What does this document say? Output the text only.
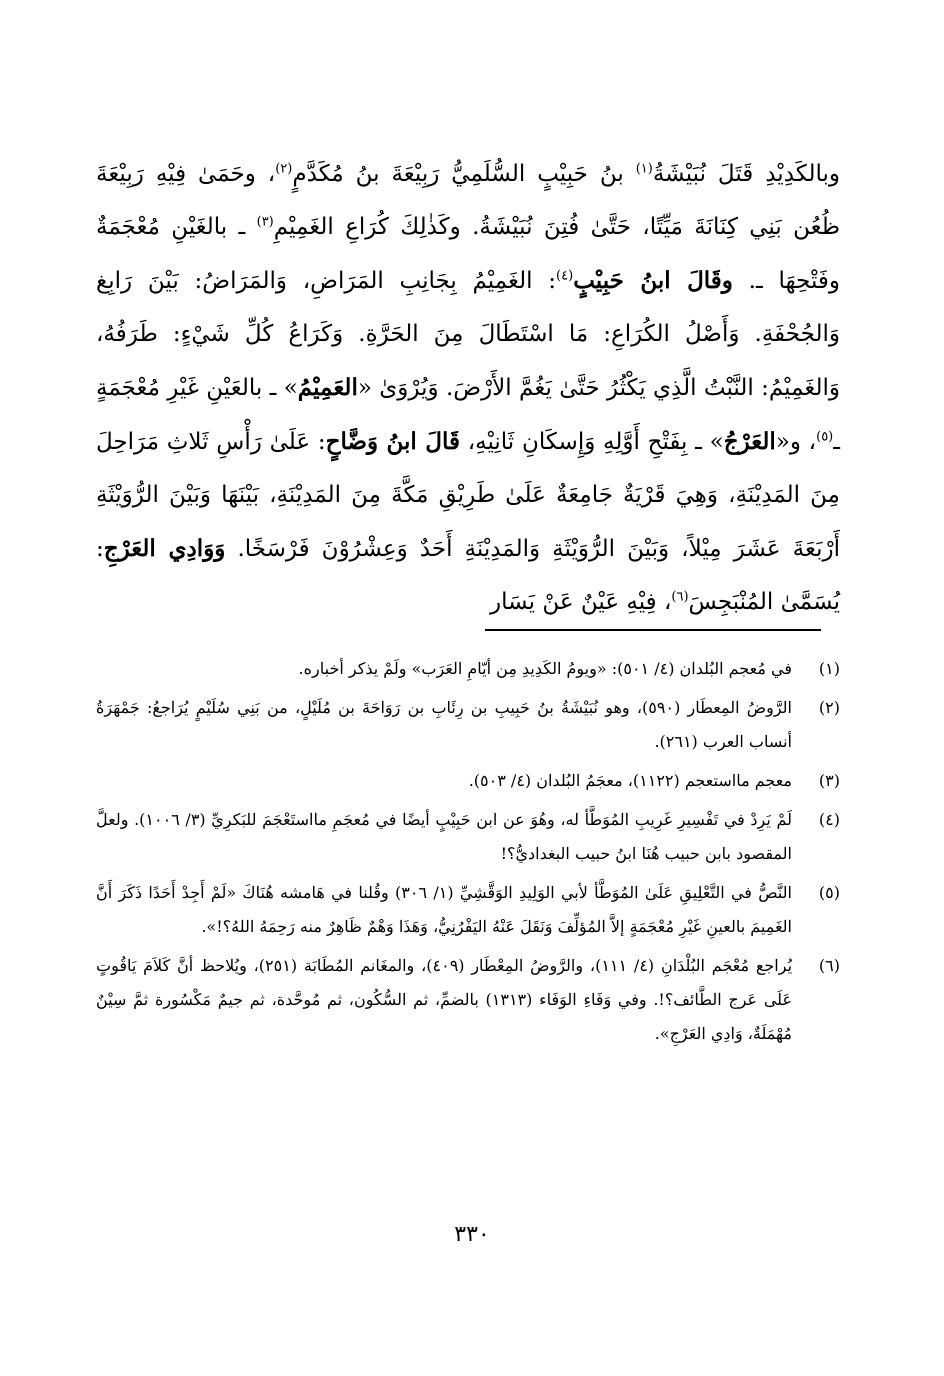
وبالكَدِيْدِ قَتَلَ نُبَيْشَةُ$^{(١)}$ بنُ حَبِيْبٍ السُّلَمِيُّ رَبِيْعَةَ بنُ مُكَدَّمٍ$^{(٢)}$، وحَمَىٰ فِيْهِ رَبِيْعَةَ ظُعُن بَنِي كِنَانَةَ مَيِّتًا، حَتَّىٰ فُتِنَ نُبَيْشَةُ. وكَذٰلِكَ كُرَاعِ الغَمِيْمِ$^{(٣)}$ ـ بالغَيْنِ مُعْجَمَةٌ وفَتْحِهَا ـ. وقَالَ ابنُ حَبِيْبٍ$^{(٤)}$: الغَمِيْمُ بِجَانِبِ المَرَاضِ، وَالمَرَاضُ: بَيْنَ رَابِغ وَالجُحْفَةِ. وَأَصْلُ الكُرَاعِ: مَا اسْتَطَالَ مِنَ الحَرَّةِ. وَكَرَاعُ كُلِّ شَيْءٍ: طَرَفُهُ، وَالغَمِيْمُ: النَّبْتُ الَّذِي يَكْثُرُ حَتَّىٰ يَغُمَّ الأَرْضَ. وَيُرْوَىٰ «العَمِيْمُ» ـ بالعَيْنِ غَيْرِ مُعْجَمَةٍ ـ$^{(٥)}$، و«العَرْجُ» ـ بِفَتْحِ أَوَّلِهِ وَإِسكَانِ ثَانِيْهِ، قَالَ ابنُ وَضَّاحٍ: عَلَىٰ رَأْسِ ثَلاثِ مَرَاحِلَ مِنَ المَدِيْنَةِ، وَهِيَ قَرْيَةٌ جَامِعَةٌ عَلَىٰ طَرِيْقِ مَكَّةَ مِنَ المَدِيْنَةِ، بَيْنَهَا وَبَيْنَ الرُّوَيْثَةِ أَرْبَعَةَ عَشَرَ مِيْلاً، وَبَيْنَ الرُّوَيْثَةِ وَالمَدِيْنَةِ أَحَدٌ وَعِشْرُوْنَ فَرْسَخًا. وَوَادِي العَرْجِ: يُسَمَّىٰ المُنْبَجِسَ$^{(٦)}$، فِيْهِ عَيْنٌ عَنْ يَسَار

(١)
في مُعجم البُلدان (٤/ ٥٠١): «ويومُ الكَدِيدِ مِن أيّامِ العَرَب» ولَمْ يذكر أخباره.
(٢)
الرَّوضُ المِعطَار (٥٩٠)، وهو نُبَيْشَةُ بنُ حَبِيبِ بن رِئَابِ بن رَوَاحَةَ بن مُلَيْلٍ، من بَنِي سُلَيْمٍ يُرَاجعُ: جَمْهَرَةُ أنساب العرب (٢٦١).
(٣)
معجم مااستعجم (١١٢٢)، معجَمُ البُلدان (٤/ ٥٠٣).
(٤)
لَمْ يَرِدْ في تَفْسِيرِ غَرِيبِ المُوَطَّأ له، وهُوَ عن ابن حَبِيْبٍ أيضًا في مُعجَمِ مااستَعْجَمَ للبَكرِيِّ (٣/ ١٠٠٦). ولعلَّ المقصود بابن حبيب هُنَا ابنُ حبيب البغداديُّ؟!
(٥)
النَّصُّ في التَّعْلِيقِ عَلَىٰ المُوَطَّأ لأبي الوَلِيدِ الوَقَّشِيِّ (١/ ٣٠٦) وقُلنا في هَامشه هُنَاكَ «لَمْ أَجِدْ أَحَدًا ذَكَرَ أَنَّ الغَمِيمَ بالعينِ غَيْرِ مُعْجَمَةٍ إلاَّ المُؤلِّفَ وَنَقَلَ عَنْهُ اليَفْرُنِيُّ، وَهَذَا وَهْمٌ ظَاهِرٌ منه رَحِمَهُ اللهُ؟!».
(٦)
يُراجع مُعْجَم البُلْدَانِ (٤/ ١١١)، والرَّوضُ المِعْطَار (٤٠٩)، والمغَانم المُطَابَة (٢٥١)، ويُلاحظ أنَّ كَلاَمَ يَاقُوتٍ عَلَى عَرج الطَّائف؟!. وفي وَفَاءِ الوَفَاء (١٣١٣) بالضمِّ، ثم السُّكُون، ثم مُوحَّدة، ثم جيمٌ مَكْسُورة ثمَّ سِيْنٌ مُهْمَلَةٌ، وَادِي العَرْجِ».
٣٣٠
